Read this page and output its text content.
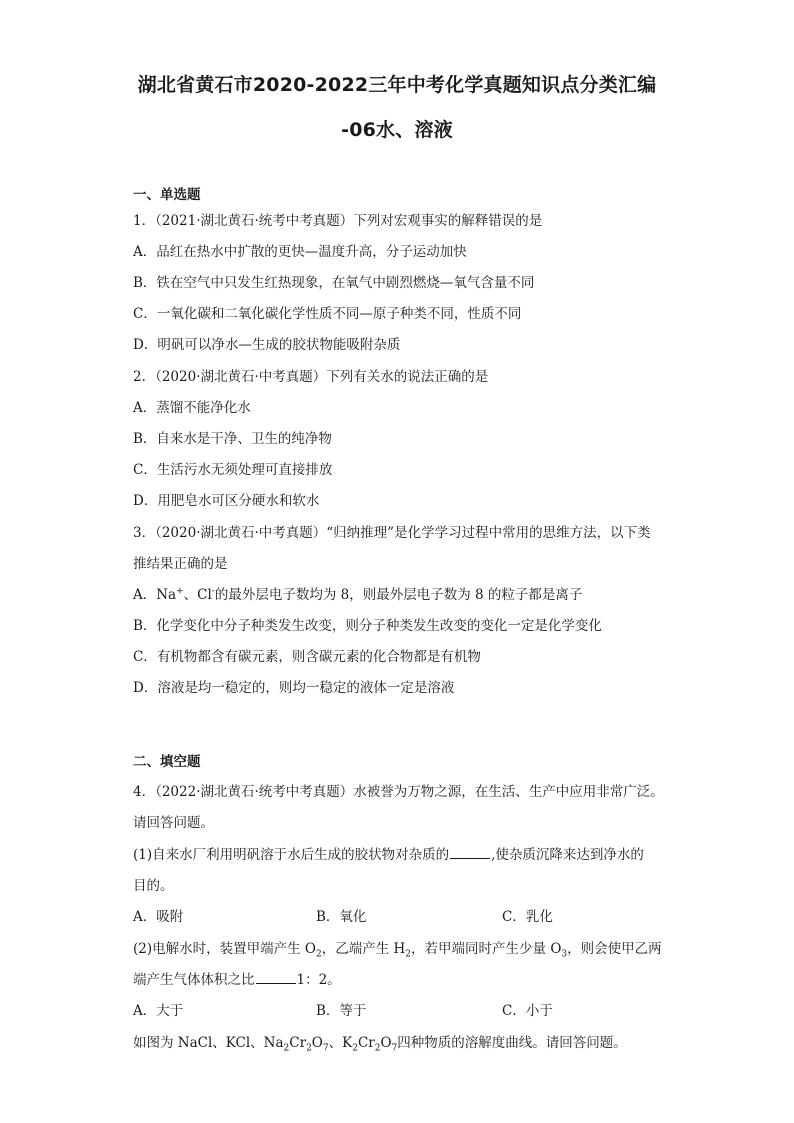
湖北省黄石市2020-2022三年中考化学真题知识点分类汇编
-06水、溶液
一、单选题
1．（2021·湖北黄石·统考中考真题）下列对宏观事实的解释错误的是
A．品红在热水中扩散的更快—温度升高，分子运动加快
B．铁在空气中只发生红热现象，在氧气中剧烈燃烧—氧气含量不同
C．一氧化碳和二氧化碳化学性质不同—原子种类不同，性质不同
D．明矾可以净水—生成的胶状物能吸附杂质
2．（2020·湖北黄石·中考真题）下列有关水的说法正确的是
A．蒸馏不能净化水
B．自来水是干净、卫生的纯净物
C．生活污水无须处理可直接排放
D．用肥皂水可区分硬水和软水
3．（2020·湖北黄石·中考真题）“归纳推理”是化学学习过程中常用的思维方法，以下类
推结果正确的是
A．Na+、Cl-的最外层电子数均为 8，则最外层电子数为 8 的粒子都是离子
B．化学变化中分子种类发生改变，则分子种类发生改变的变化一定是化学变化
C．有机物都含有碳元素，则含碳元素的化合物都是有机物
D．溶液是均一稳定的，则均一稳定的液体一定是溶液
二、填空题
4．（2022·湖北黄石·统考中考真题）水被誉为万物之源，在生活、生产中应用非常广泛。
请回答问题。
(1)自来水厂利用明矾溶于水后生成的胶状物对杂质的	,使杂质沉降来达到净水的
目的。
A．吸附	B．氧化	C．乳化
(2)电解水时，装置甲端产生 $O_2$，乙端产生 $H_2$，若甲端同时产生少量 $O_3$，则会使甲乙两
端产生气体体积之比	1：2。
A．大于	B．等于	C．小于
如图为 NaCl、KCl、$Na_2Cr_2O_7$、$K_2Cr_2O_7$四种物质的溶解度曲线。请回答问题。
